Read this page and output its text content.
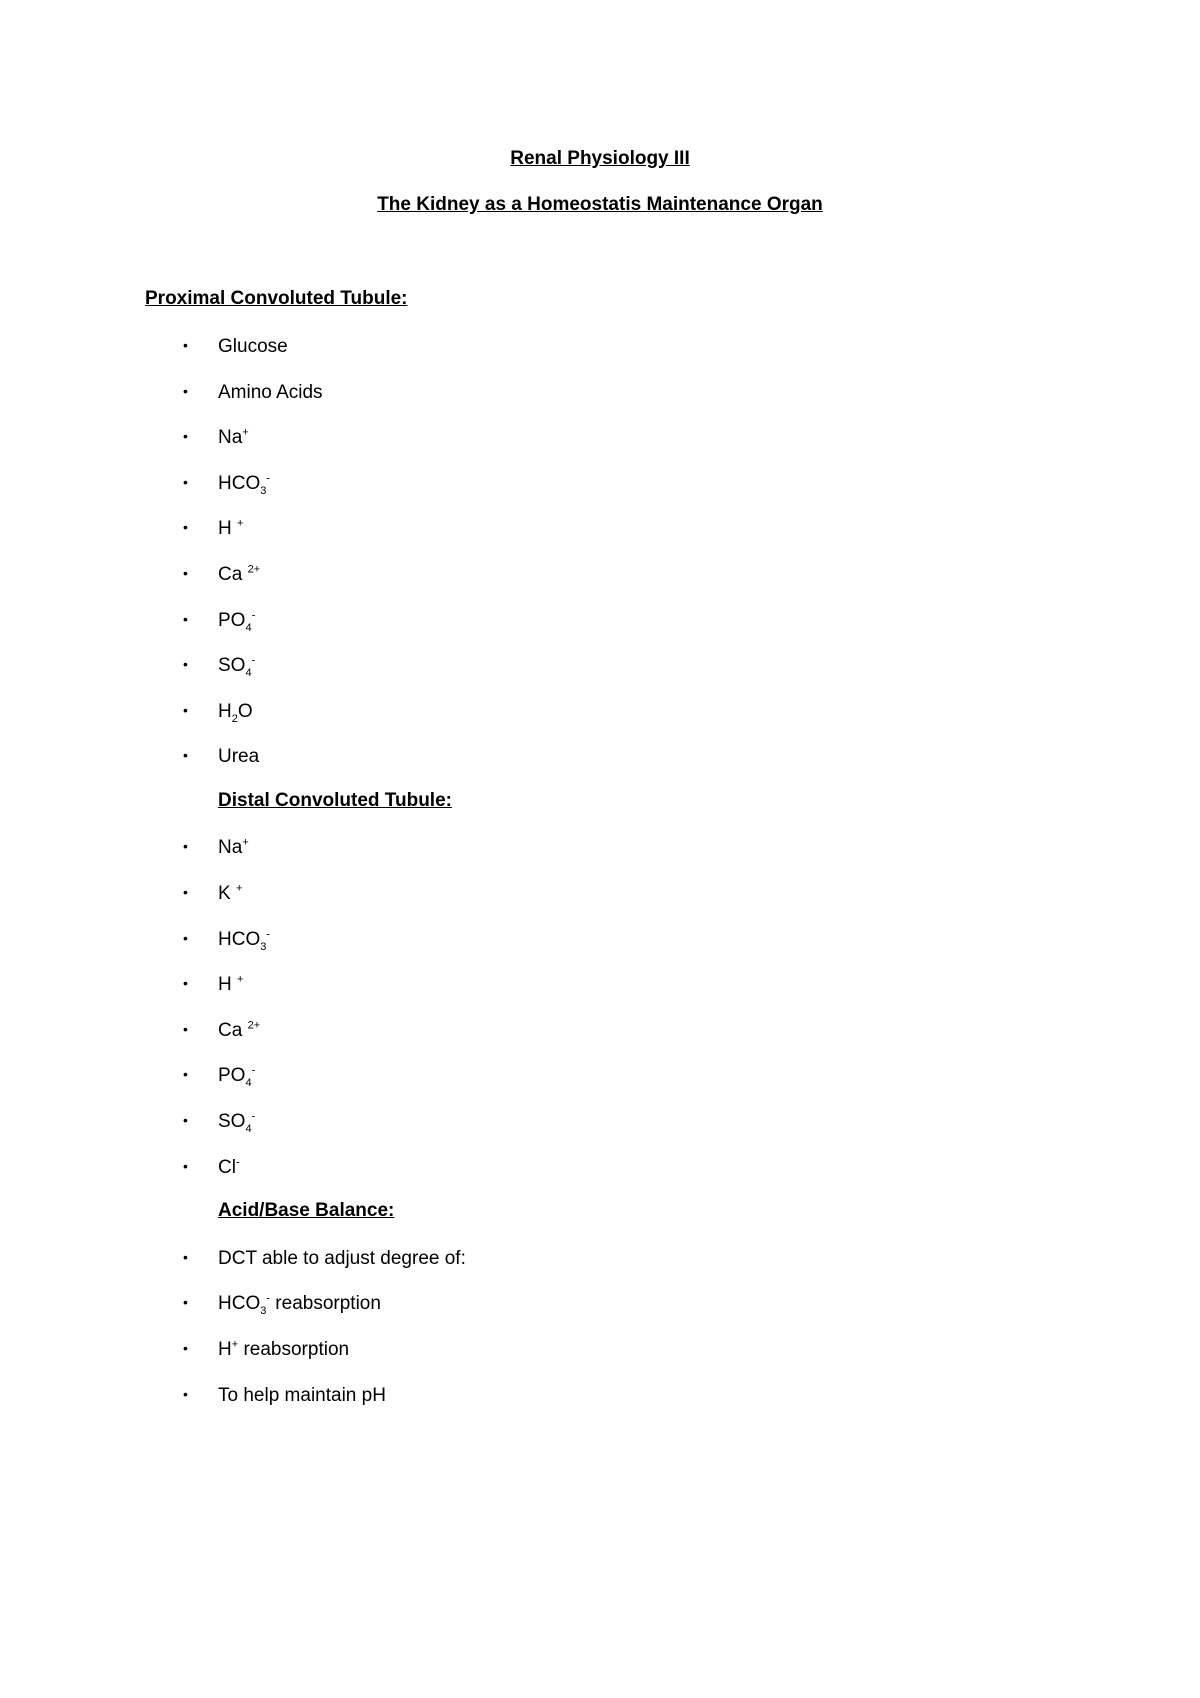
Renal Physiology III
The Kidney as a Homeostatis Maintenance Organ
Proximal Convoluted Tubule:
• Glucose
• Amino Acids
• Na+
• $HCO_3^-$
• H +
• Ca $^{2+}$
• $PO_4^-$
• $SO_4^-$
• $H_2O$
• Urea
Distal Convoluted Tubule:
• Na+
• K +
• $HCO_3^-$
• H +
• Ca $^{2+}$
• $PO_4^-$
• $SO_4^-$
• Cl-
Acid/Base Balance:
• DCT able to adjust degree of:
• $HCO_3^-$ reabsorption
• H+ reabsorption
• To help maintain pH
